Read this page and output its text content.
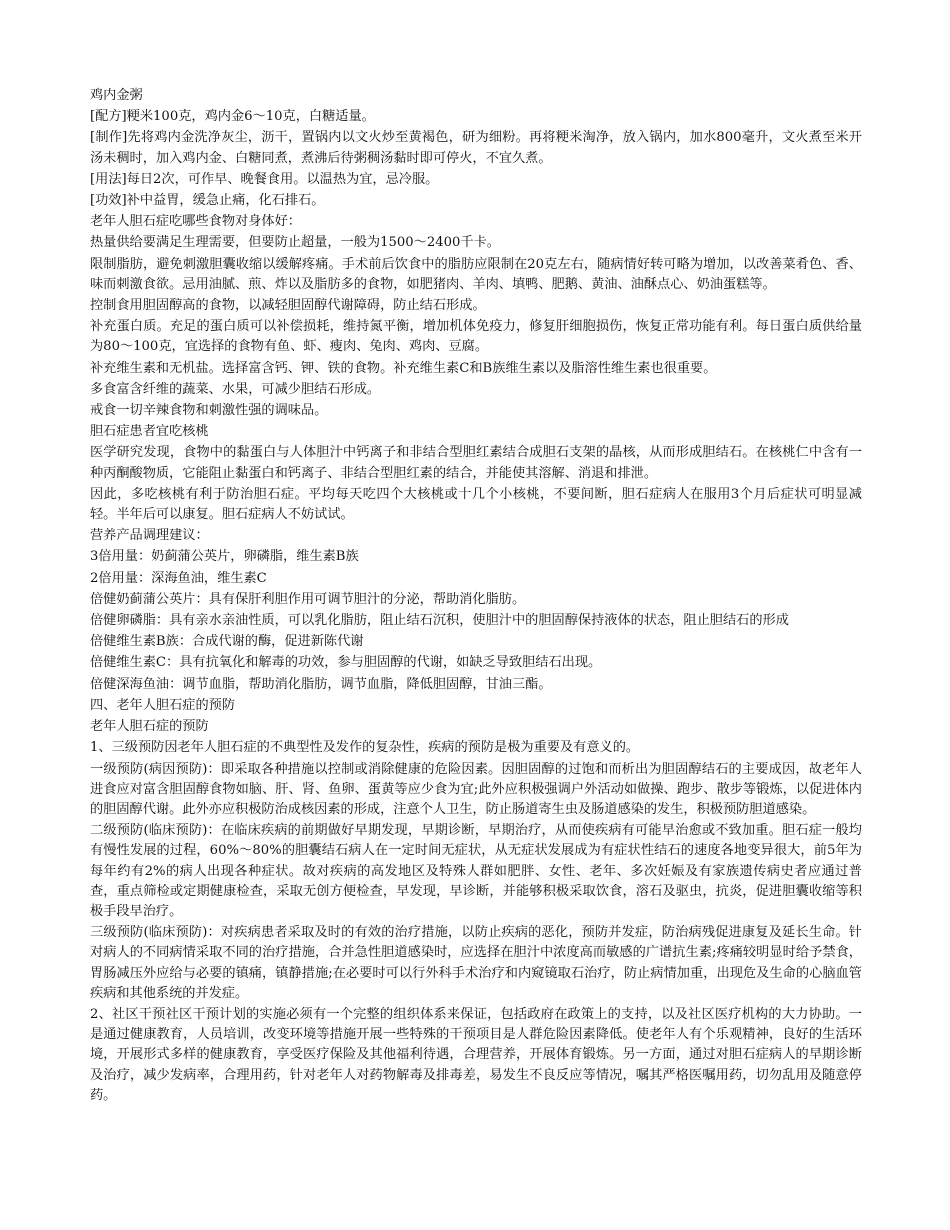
鸡内金粥

[配方]粳米100克，鸡内金6～10克，白糖适量。

[制作]先将鸡内金洗净灰尘，沥干，置锅内以文火炒至黄褐色，研为细粉。再将粳米淘净，放入锅内，加水800毫升，文火煮至米开汤未稠时，加入鸡内金、白糖同煮，煮沸后待粥稠汤黏时即可停火，不宜久煮。

[用法]每日2次，可作早、晚餐食用。以温热为宜，忌冷服。

[功效]补中益胃，缓急止痛，化石排石。

老年人胆石症吃哪些食物对身体好：

热量供给要满足生理需要，但要防止超量，一般为1500～2400千卡。

限制脂肪，避免刺激胆囊收缩以缓解疼痛。手术前后饮食中的脂肪应限制在20克左右，随病情好转可略为增加，以改善菜肴色、香、味而刺激食欲。忌用油腻、煎、炸以及脂肪多的食物，如肥猪肉、羊肉、填鸭、肥鹅、黄油、油酥点心、奶油蛋糕等。

控制食用胆固醇高的食物，以减轻胆固醇代谢障碍，防止结石形成。

补充蛋白质。充足的蛋白质可以补偿损耗，维持氮平衡，增加机体免疫力，修复肝细胞损伤，恢复正常功能有利。每日蛋白质供给量为80～100克，宜选择的食物有鱼、虾、瘦肉、兔肉、鸡肉、豆腐。

补充维生素和无机盐。选择富含钙、钾、铁的食物。补充维生素C和B族维生素以及脂溶性维生素也很重要。

多食富含纤维的蔬菜、水果，可减少胆结石形成。

戒食一切辛辣食物和刺激性强的调味品。

胆石症患者宜吃核桃

医学研究发现，食物中的黏蛋白与人体胆汁中钙离子和非结合型胆红素结合成胆石支架的晶核，从而形成胆结石。在核桃仁中含有一种丙酮酸物质，它能阻止黏蛋白和钙离子、非结合型胆红素的结合，并能使其溶解、消退和排泄。

因此，多吃核桃有利于防治胆石症。平均每天吃四个大核桃或十几个小核桃，不要间断，胆石症病人在服用3个月后症状可明显减轻。半年后可以康复。胆石症病人不妨试试。

营养产品调理建议：

3倍用量：奶蓟蒲公英片，卵磷脂，维生素B族

2倍用量：深海鱼油，维生素C

倍健奶蓟蒲公英片：具有保肝利胆作用可调节胆汁的分泌，帮助消化脂肪。

倍健卵磷脂：具有亲水亲油性质，可以乳化脂肪，阻止结石沉积，使胆汁中的胆固醇保持液体的状态，阻止胆结石的形成

倍健维生素B族：合成代谢的酶，促进新陈代谢

倍健维生素C：具有抗氧化和解毒的功效，参与胆固醇的代谢，如缺乏导致胆结石出现。

倍健深海鱼油：调节血脂，帮助消化脂肪，调节血脂，降低胆固醇，甘油三酯。

四、老年人胆石症的预防

老年人胆石症的预防

1、三级预防因老年人胆石症的不典型性及发作的复杂性，疾病的预防是极为重要及有意义的。

一级预防(病因预防)：即采取各种措施以控制或消除健康的危险因素。因胆固醇的过饱和而析出为胆固醇结石的主要成因，故老年人进食应对富含胆固醇食物如脑、肝、肾、鱼卵、蛋黄等应少食为宜;此外应积极强调户外活动如做操、跑步、散步等锻炼，以促进体内的胆固醇代谢。此外亦应积极防治成核因素的形成，注意个人卫生，防止肠道寄生虫及肠道感染的发生，积极预防胆道感染。

二级预防(临床预防)：在临床疾病的前期做好早期发现，早期诊断，早期治疗，从而使疾病有可能早治愈或不致加重。胆石症一般均有慢性发展的过程，60%～80%的胆囊结石病人在一定时间无症状，从无症状发展成为有症状性结石的速度各地变异很大，前5年为每年约有2%的病人出现各种症状。故对疾病的高发地区及特殊人群如肥胖、女性、老年、多次妊娠及有家族遗传病史者应通过普查，重点筛检或定期健康检查，采取无创方便检查，早发现，早诊断，并能够积极采取饮食，溶石及驱虫，抗炎，促进胆囊收缩等积极手段早治疗。

三级预防(临床预防)：对疾病患者采取及时的有效的治疗措施，以防止疾病的恶化，预防并发症，防治病残促进康复及延长生命。针对病人的不同病情采取不同的治疗措施，合并急性胆道感染时，应选择在胆汁中浓度高而敏感的广谱抗生素;疼痛较明显时给予禁食，胃肠减压外应给与必要的镇痛，镇静措施;在必要时可以行外科手术治疗和内窥镜取石治疗，防止病情加重，出现危及生命的心脑血管疾病和其他系统的并发症。

2、社区干预社区干预计划的实施必须有一个完整的组织体系来保证，包括政府在政策上的支持，以及社区医疗机构的大力协助。一是通过健康教育，人员培训，改变环境等措施开展一些特殊的干预项目是人群危险因素降低。使老年人有个乐观精神，良好的生活环境，开展形式多样的健康教育，享受医疗保险及其他福利待遇，合理营养，开展体育锻炼。另一方面，通过对胆石症病人的早期诊断及治疗，减少发病率，合理用药，针对老年人对药物解毒及排毒差，易发生不良反应等情况，嘱其严格医嘱用药，切勿乱用及随意停药。
